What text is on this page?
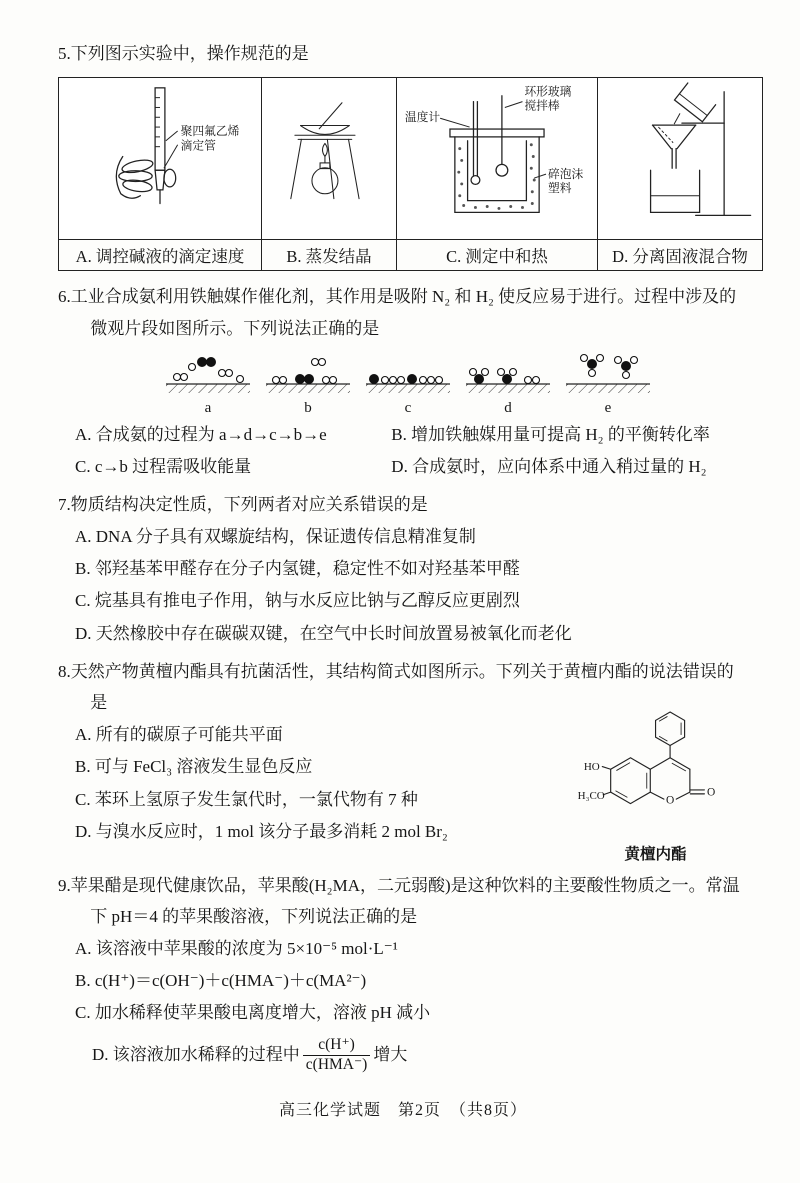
5.下列图示实验中，操作规范的是

聚四氟乙烯
滴定管		温度计
环形玻璃
搅拌棒
碎泡沫
塑料

A. 调控碱液的滴定速度	B. 蒸发结晶	C. 测定中和热	D. 分离固液混合物

6.工业合成氨利用铁触媒作催化剂，其作用是吸附 N₂ 和 H₂ 使反应易于进行。过程中涉及的微观片段如图所示。下列说法正确的是

a	b	c	d	e
A. 合成氨的过程为 a→d→c→b→e	B. 增加铁触媒用量可提高 H₂ 的平衡转化率
C. c→b 过程需吸收能量	D. 合成氨时，应向体系中通入稍过量的 H₂

7.物质结构决定性质，下列两者对应关系错误的是

A. DNA 分子具有双螺旋结构，保证遗传信息精准复制

B. 邻羟基苯甲醛存在分子内氢键，稳定性不如对羟基苯甲醛

C. 烷基具有推电子作用，钠与水反应比钠与乙醇反应更剧烈

D. 天然橡胶中存在碳碳双键，在空气中长时间放置易被氧化而老化

8.天然产物黄檀内酯具有抗菌活性，其结构简式如图所示。下列关于黄檀内酯的说法错误的是

O
O
HO
H₃CO
黄檀内酯

A. 所有的碳原子可能共平面

B. 可与 FeCl₃ 溶液发生显色反应

C. 苯环上氢原子发生氯代时，一氯代物有 7 种

D. 与溴水反应时，1 mol 该分子最多消耗 2 mol Br₂

9.苹果醋是现代健康饮品，苹果酸(H₂MA，二元弱酸)是这种饮料的主要酸性物质之一。常温下 pH＝4 的苹果酸溶液，下列说法正确的是

A. 该溶液中苹果酸的浓度为 5×10⁻⁵ mol·L⁻¹

B. c(H⁺)＝c(OH⁻)＋c(HMA⁻)＋c(MA²⁻)

C. 加水稀释使苹果酸电离度增大，溶液 pH 减小

D. 该溶液加水稀释的过程中 $\frac{c(H^+)}{\text{c(HMA⁻)}}$ 增大
高三化学试题　第2页　（共8页）
